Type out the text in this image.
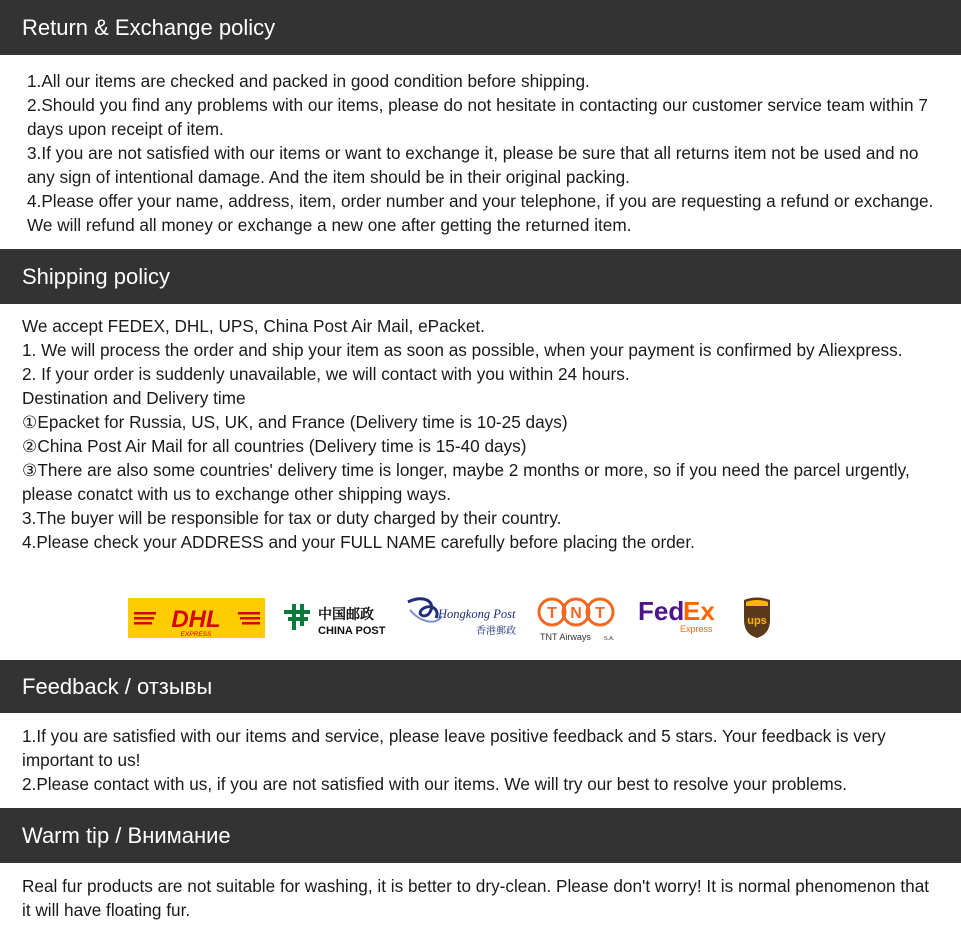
Return & Exchange policy

1.All our items are checked and packed in good condition before shipping.
2.Should you find any problems with our items, please do not hesitate in contacting our customer service team within 7 days upon receipt of item.
3.If you are not satisfied with our items or want to exchange it, please be sure that all returns item not be used and no any sign of intentional damage. And the item should be in their original packing.
4.Please offer your name, address, item, order number and your telephone, if you are requesting a refund or exchange. We will refund all money or exchange a new one after getting the returned item.

Shipping policy

We accept FEDEX, DHL, UPS, China Post Air Mail, ePacket.
1. We will process the order and ship your item as soon as possible, when your payment is confirmed by Aliexpress.
2. If your order is suddenly unavailable, we will contact with you within 24 hours.
Destination and Delivery time
①Epacket for Russia, US, UK, and France (Delivery time is 10-25 days)
②China Post Air Mail for all countries (Delivery time is 15-40 days)
③There are also some countries' delivery time is longer, maybe 2 months or more, so if you need the parcel urgently, please conatct with us to exchange other shipping ways.
3.The buyer will be responsible for tax or duty charged by their country.
4.Please check your ADDRESS and your FULL NAME carefully before placing the order.

DHL
EXPRESS
中国邮政
CHINA POST
Hongkong Post
香港郵政
T N T
TNT Airways S.A.
Fed
Ex
Express
ups
Feedback / отзывы

1.If you are satisfied with our items and service, please leave positive feedback and 5 stars. Your feedback is very important to us!
2.Please contact with us, if you are not satisfied with our items. We will try our best to resolve your problems.

Warm tip / Внимание

Real fur products are not suitable for washing, it is better to dry-clean. Please don't worry! It is normal phenomenon that it will have floating fur.
